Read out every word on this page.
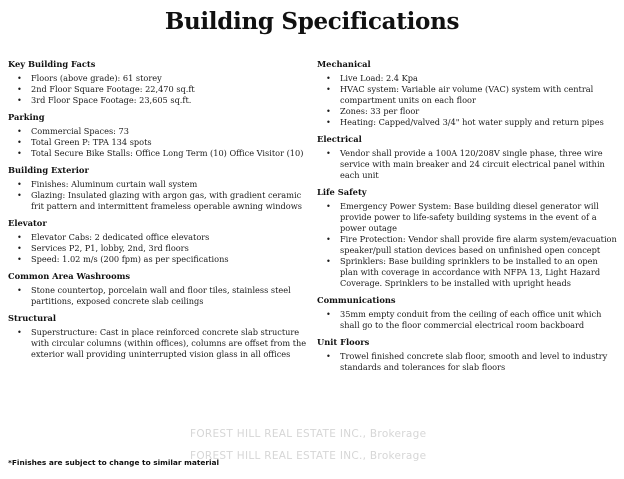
Building Specifications
Key Building Facts
• Floors (above grade): 61 storey
• 2nd Floor Square Footage: 22,470 sq.ft
• 3rd Floor Space Footage: 23,605 sq.ft.
Parking
• Commercial Spaces: 73
• Total Green P: TPA 134 spots
• Total Secure Bike Stalls: Office Long Term (10) Office Visitor (10)
Building Exterior
• Finishes: Aluminum curtain wall system
• Glazing: Insulated glazing with argon gas, with gradient ceramic frit pattern and intermittent frameless operable awning windows
Elevator
• Elevator Cabs: 2 dedicated office elevators
• Services P2, P1, lobby, 2nd, 3rd floors
• Speed: 1.02 m/s (200 fpm) as per specifications
Common Area Washrooms
• Stone countertop, porcelain wall and floor tiles, stainless steel partitions, exposed concrete slab ceilings
Structural
• Superstructure: Cast in place reinforced concrete slab structure with circular columns (within offices), columns are offset from the exterior wall providing uninterrupted vision glass in all offices
Mechanical
• Live Load: 2.4 Kpa
• HVAC system: Variable air volume (VAC) system with central compartment units on each floor
• Zones: 33 per floor
• Heating: Capped/valved 3/4" hot water supply and return pipes
Electrical
• Vendor shall provide a 100A 120/208V single phase, three wire service with main breaker and 24 circuit electrical panel within each unit
Life Safety
• Emergency Power System: Base building diesel generator will provide power to life-safety building systems in the event of a power outage
• Fire Protection: Vendor shall provide fire alarm system/evacuation speaker/pull station devices based on unfinished open concept
• Sprinklers: Base building sprinklers to be installed to an open plan with coverage in accordance with NFPA 13, Light Hazard Coverage. Sprinklers to be installed with upright heads
Communications
• 35mm empty conduit from the ceiling of each office unit which shall go to the floor commercial electrical room backboard
Unit Floors
• Trowel finished concrete slab floor, smooth and level to industry standards and tolerances for slab floors
FOREST HILL REAL ESTATE INC., Brokerage
FOREST HILL REAL ESTATE INC., Brokerage
*Finishes are subject to change to similar material
